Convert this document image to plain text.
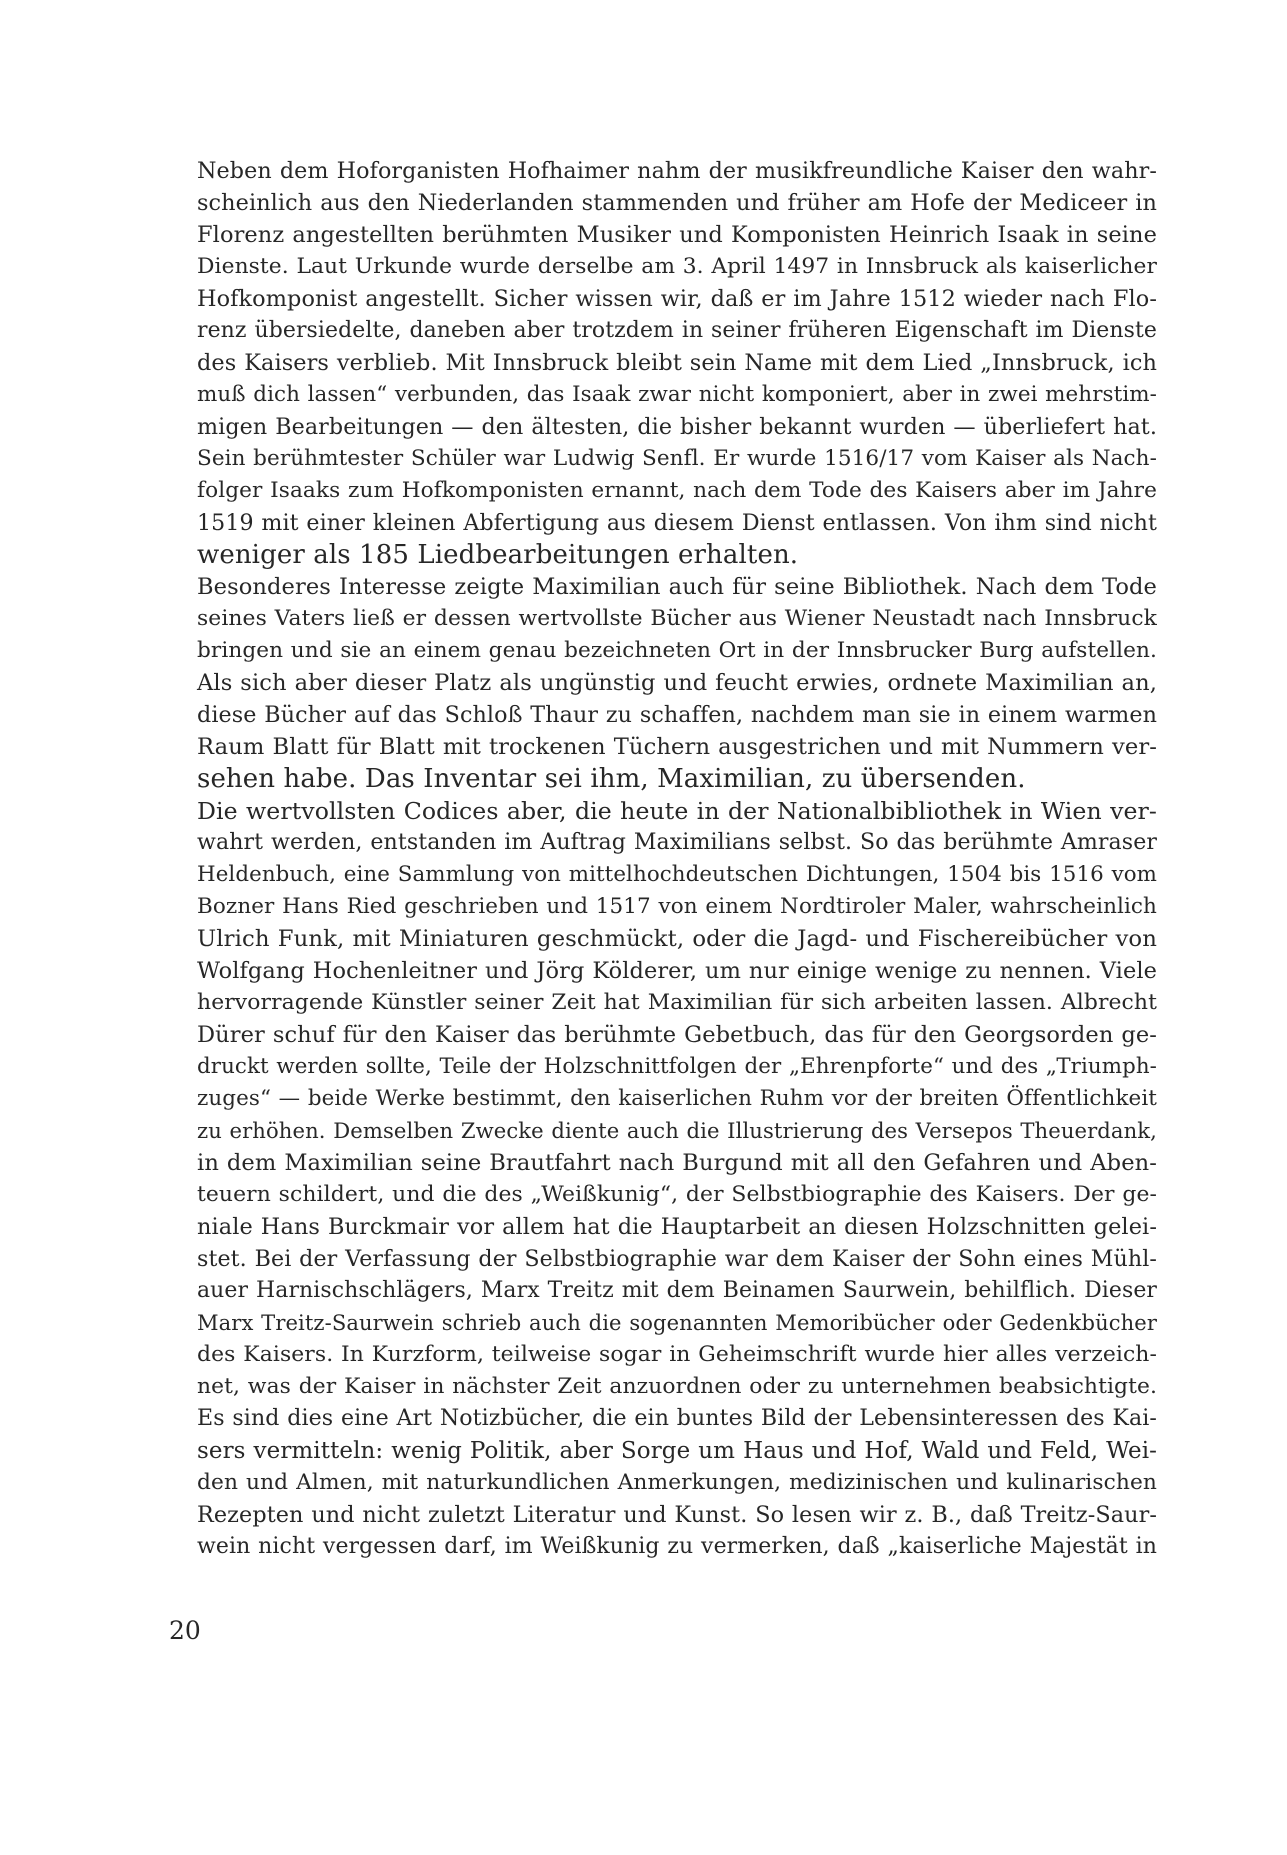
Neben dem Hoforganisten Hofhaimer nahm der musikfreundliche Kaiser den wahr-
scheinlich aus den Niederlanden stammenden und früher am Hofe der Mediceer in
Florenz angestellten berühmten Musiker und Komponisten Heinrich Isaak in seine
Dienste. Laut Urkunde wurde derselbe am 3. April 1497 in Innsbruck als kaiserlicher
Hofkomponist angestellt. Sicher wissen wir, daß er im Jahre 1512 wieder nach Flo-
renz übersiedelte, daneben aber trotzdem in seiner früheren Eigenschaft im Dienste
des Kaisers verblieb. Mit Innsbruck bleibt sein Name mit dem Lied „Innsbruck, ich
muß dich lassen“ verbunden, das Isaak zwar nicht komponiert, aber in zwei mehrstim-
migen Bearbeitungen — den ältesten, die bisher bekannt wurden — überliefert hat.
Sein berühmtester Schüler war Ludwig Senfl. Er wurde 1516/17 vom Kaiser als Nach-
folger Isaaks zum Hofkomponisten ernannt, nach dem Tode des Kaisers aber im Jahre
1519 mit einer kleinen Abfertigung aus diesem Dienst entlassen. Von ihm sind nicht
weniger als 185 Liedbearbeitungen erhalten.
Besonderes Interesse zeigte Maximilian auch für seine Bibliothek. Nach dem Tode
seines Vaters ließ er dessen wertvollste Bücher aus Wiener Neustadt nach Innsbruck
bringen und sie an einem genau bezeichneten Ort in der Innsbrucker Burg aufstellen.
Als sich aber dieser Platz als ungünstig und feucht erwies, ordnete Maximilian an,
diese Bücher auf das Schloß Thaur zu schaffen, nachdem man sie in einem warmen
Raum Blatt für Blatt mit trockenen Tüchern ausgestrichen und mit Nummern ver-
sehen habe. Das Inventar sei ihm, Maximilian, zu übersenden.
Die wertvollsten Codices aber, die heute in der Nationalbibliothek in Wien ver-
wahrt werden, entstanden im Auftrag Maximilians selbst. So das berühmte Amraser
Heldenbuch, eine Sammlung von mittelhochdeutschen Dichtungen, 1504 bis 1516 vom
Bozner Hans Ried geschrieben und 1517 von einem Nordtiroler Maler, wahrscheinlich
Ulrich Funk, mit Miniaturen geschmückt, oder die Jagd- und Fischereibücher von
Wolfgang Hochenleitner und Jörg Kölderer, um nur einige wenige zu nennen. Viele
hervorragende Künstler seiner Zeit hat Maximilian für sich arbeiten lassen. Albrecht
Dürer schuf für den Kaiser das berühmte Gebetbuch, das für den Georgsorden ge-
druckt werden sollte, Teile der Holzschnittfolgen der „Ehrenpforte“ und des „Triumph-
zuges“ — beide Werke bestimmt, den kaiserlichen Ruhm vor der breiten Öffentlichkeit
zu erhöhen. Demselben Zwecke diente auch die Illustrierung des Versepos Theuerdank,
in dem Maximilian seine Brautfahrt nach Burgund mit all den Gefahren und Aben-
teuern schildert, und die des „Weißkunig“, der Selbstbiographie des Kaisers. Der ge-
niale Hans Burckmair vor allem hat die Hauptarbeit an diesen Holzschnitten gelei-
stet. Bei der Verfassung der Selbstbiographie war dem Kaiser der Sohn eines Mühl-
auer Harnischschlägers, Marx Treitz mit dem Beinamen Saurwein, behilflich. Dieser
Marx Treitz-Saurwein schrieb auch die sogenannten Memoribücher oder Gedenkbücher
des Kaisers. In Kurzform, teilweise sogar in Geheimschrift wurde hier alles verzeich-
net, was der Kaiser in nächster Zeit anzuordnen oder zu unternehmen beabsichtigte.
Es sind dies eine Art Notizbücher, die ein buntes Bild der Lebensinteressen des Kai-
sers vermitteln: wenig Politik, aber Sorge um Haus und Hof, Wald und Feld, Wei-
den und Almen, mit naturkundlichen Anmerkungen, medizinischen und kulinarischen
Rezepten und nicht zuletzt Literatur und Kunst. So lesen wir z. B., daß Treitz-Saur-
wein nicht vergessen darf, im Weißkunig zu vermerken, daß „kaiserliche Majestät in
20
